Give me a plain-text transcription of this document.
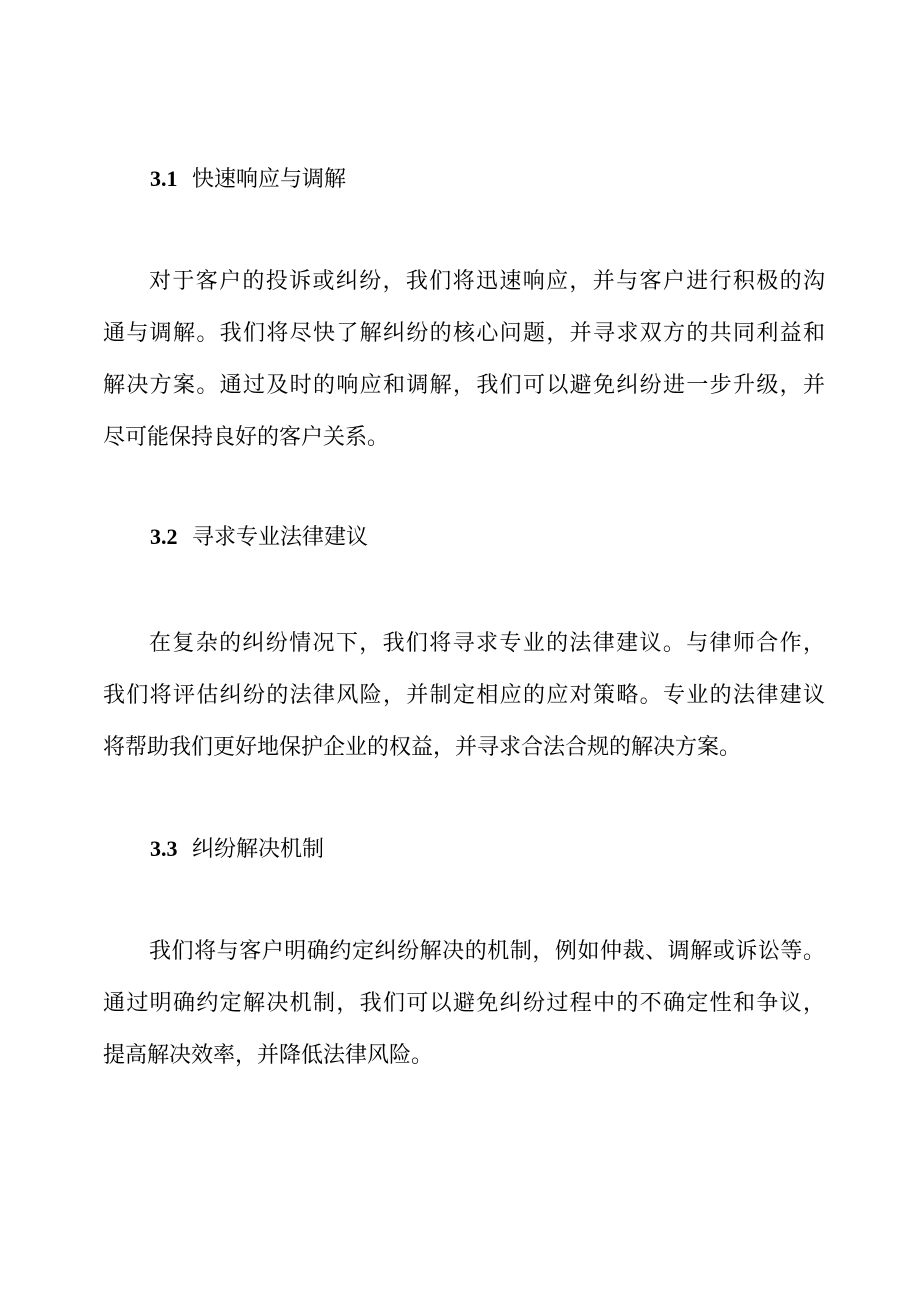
3.1 快速响应与调解
对于客户的投诉或纠纷，我们将迅速响应，并与客户进行积极的沟
通与调解。我们将尽快了解纠纷的核心问题，并寻求双方的共同利益和
解决方案。通过及时的响应和调解，我们可以避免纠纷进一步升级，并
尽可能保持良好的客户关系。
3.2 寻求专业法律建议
在复杂的纠纷情况下，我们将寻求专业的法律建议。与律师合作，
我们将评估纠纷的法律风险，并制定相应的应对策略。专业的法律建议
将帮助我们更好地保护企业的权益，并寻求合法合规的解决方案。
3.3 纠纷解决机制
我们将与客户明确约定纠纷解决的机制，例如仲裁、调解或诉讼等。
通过明确约定解决机制，我们可以避免纠纷过程中的不确定性和争议，
提高解决效率，并降低法律风险。
